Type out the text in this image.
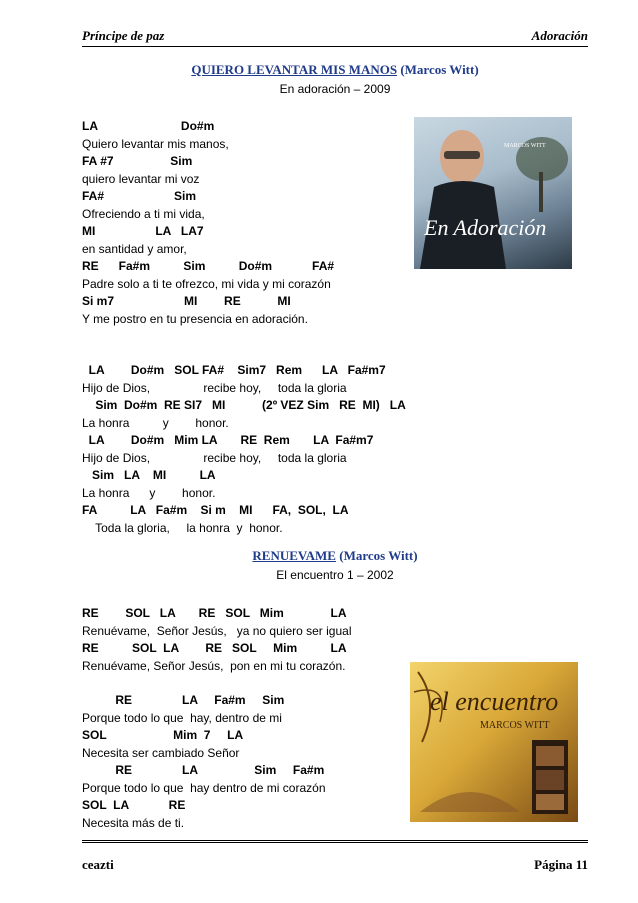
Príncipe de paz	Adoración
QUIERO LEVANTAR MIS MANOS (Marcos Witt)
En adoración – 2009
LA                         Do#m
Quiero levantar mis manos,
FA #7                 Sim
quiero levantar mi voz
FA#                     Sim
Ofreciendo a ti mi vida,
MI                  LA   LA7
en santidad y amor,
RE      Fa#m          Sim          Do#m            FA#
Padre solo a ti te ofrezco, mi vida y mi corazón
Si m7                     MI        RE           MI
Y me postro en tu presencia en adoración.
LA        Do#m   SOL FA#    Sim7   Rem      LA   Fa#m7
Hijo de Dios,                recibe hoy,     toda la gloria
Sim  Do#m  RE SI7   MI           (2º VEZ Sim   RE  MI)   LA
La honra          y        honor.
LA        Do#m   Mim LA       RE  Rem       LA  Fa#m7
Hijo de Dios,                recibe hoy,     toda la gloria
Sim   LA    MI          LA
La honra      y        honor.
FA          LA   Fa#m    Si m    MI      FA,  SOL,  LA
Toda la gloria,     la honra  y  honor.
MARCOS WITT
En Adoración
RENUEVAME (Marcos Witt)
El encuentro 1 – 2002
RE        SOL   LA       RE   SOL   Mim              LA
Renuévame,  Señor Jesús,   ya no quiero ser igual
RE          SOL  LA        RE   SOL     Mim          LA
Renuévame, Señor Jesús,  pon en mi tu corazón.
RE               LA     Fa#m     Sim
Porque todo lo que  hay, dentro de mi
SOL                    Mim  7     LA
Necesita ser cambiado Señor
RE               LA                 Sim     Fa#m
Porque todo lo que  hay dentro de mi corazón
SOL  LA            RE
Necesita más de ti.
el encuentro
MARCOS WITT
ceazti	Página 11
